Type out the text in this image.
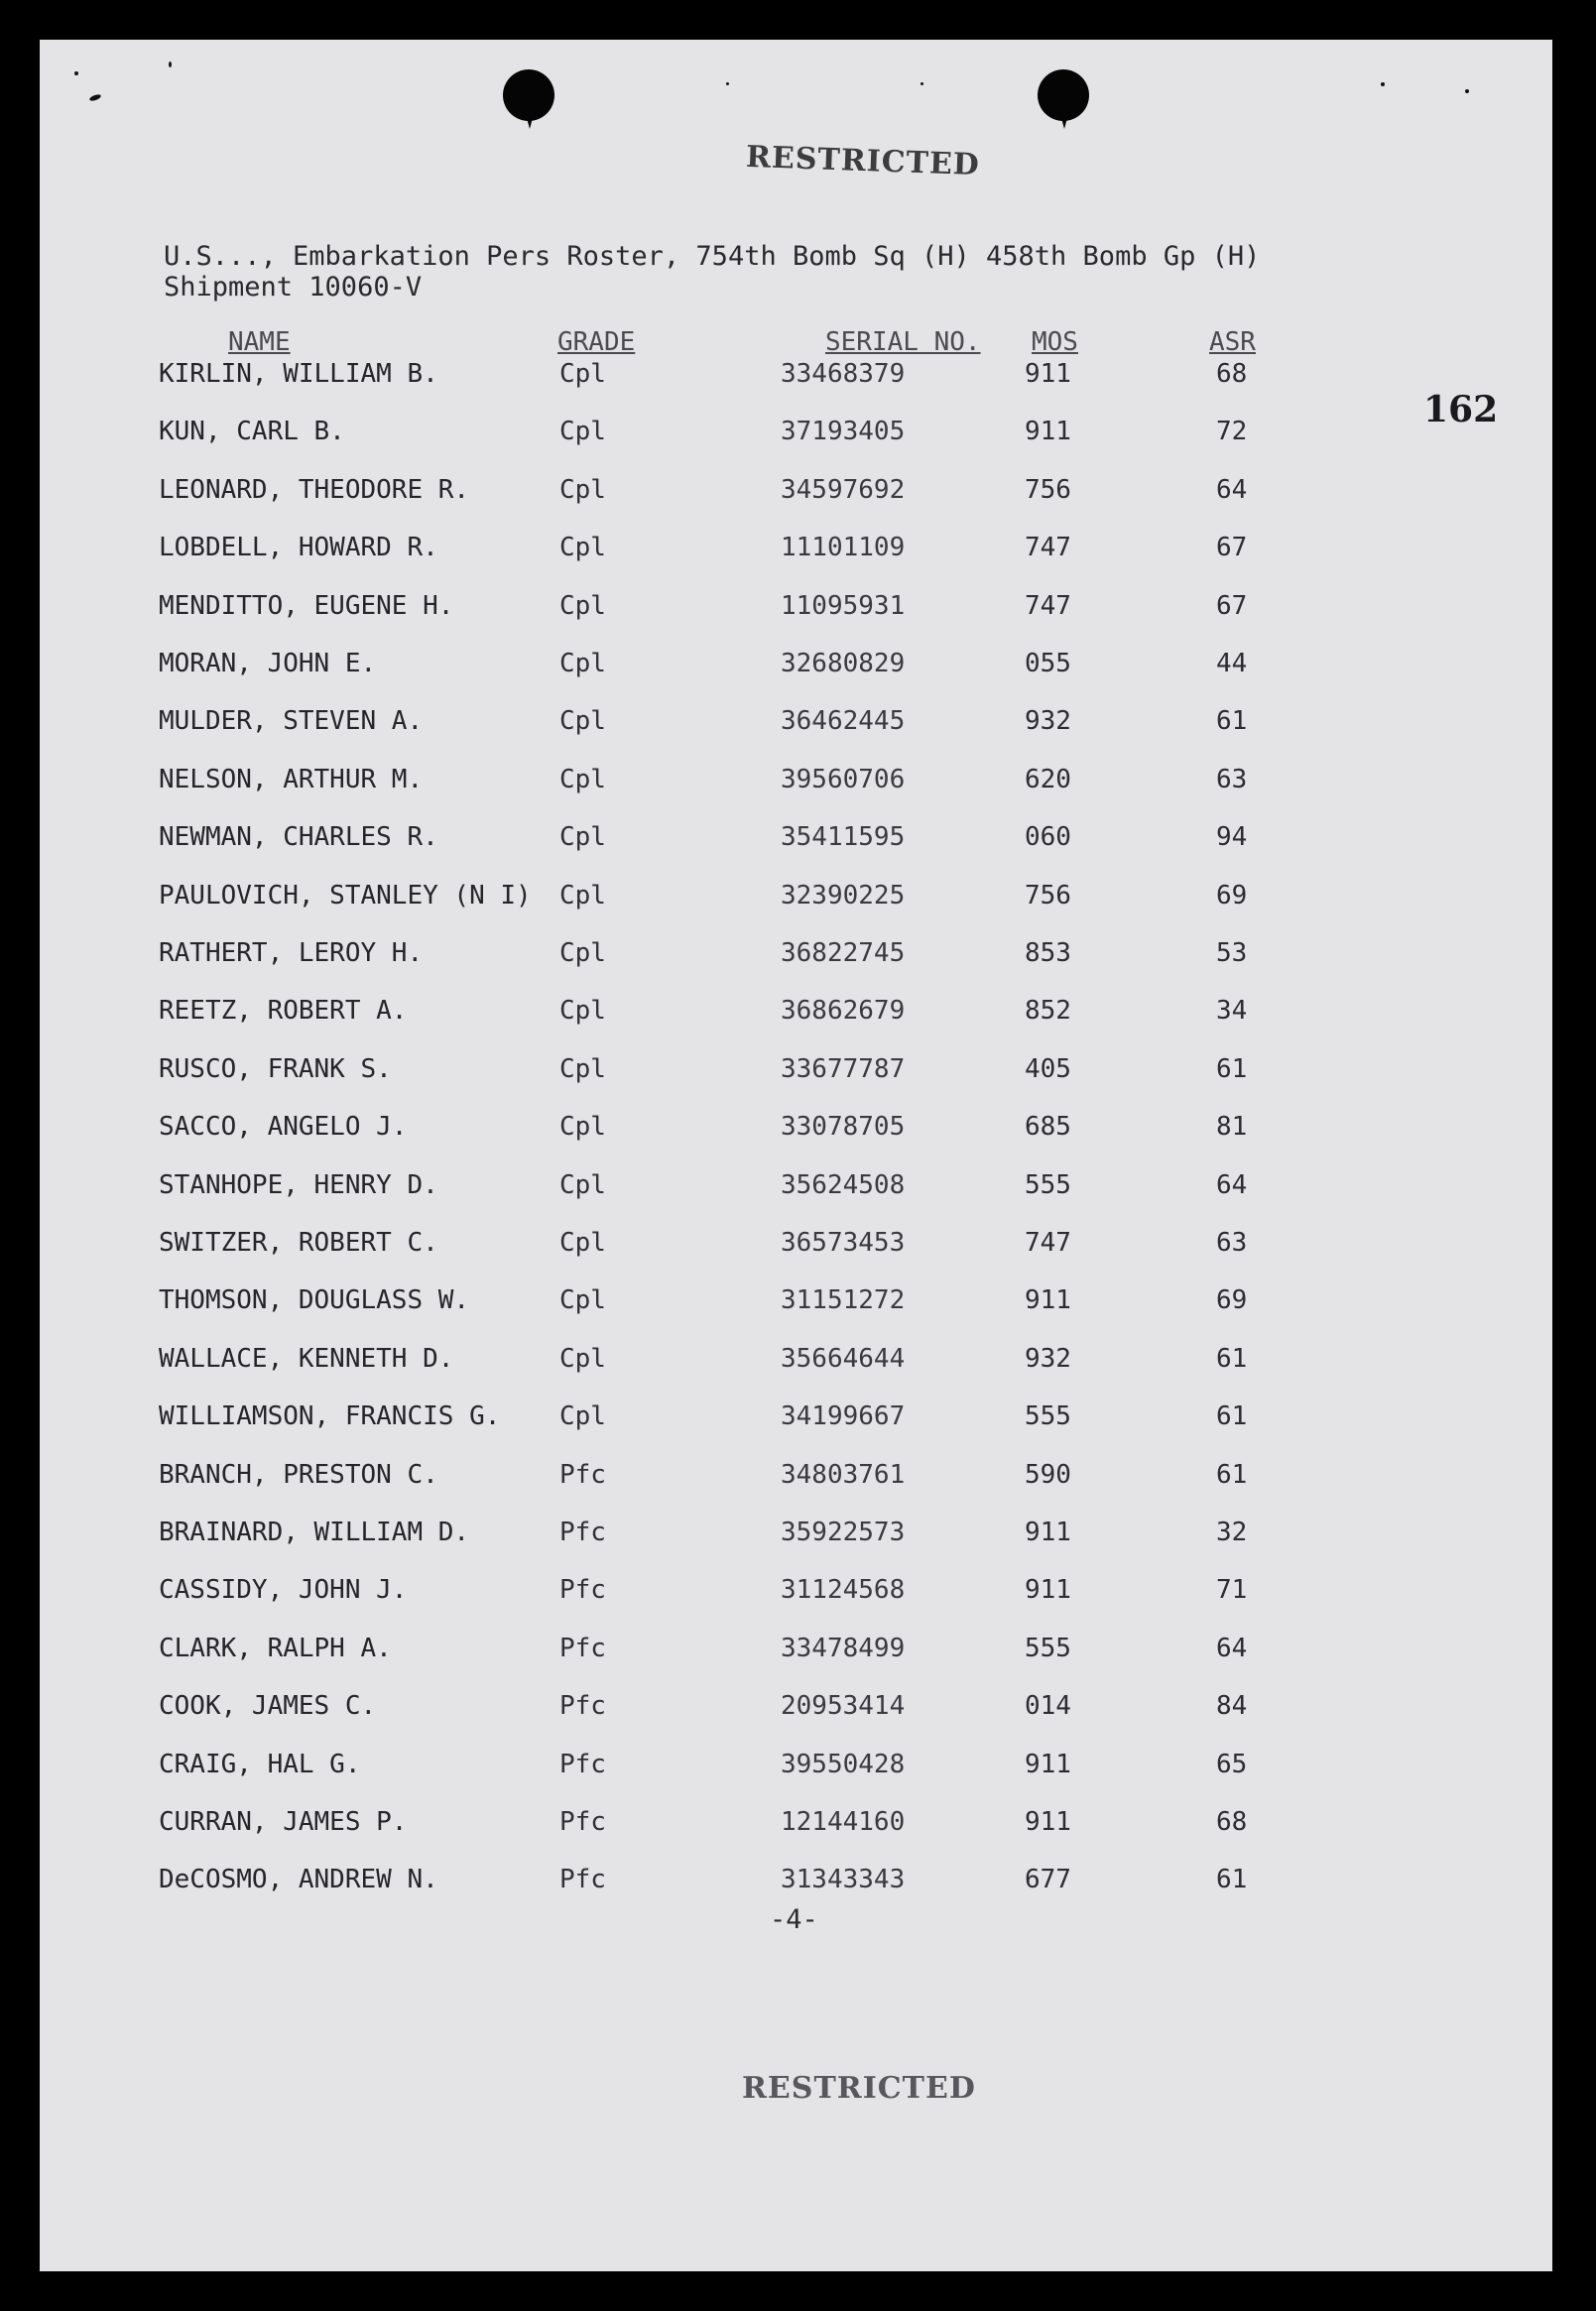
RESTRICTED
U.S..., Embarkation Pers Roster, 754th Bomb Sq (H) 458th Bomb Gp (H)
Shipment 10060-V
162
NAME	GRADE	SERIAL NO. MOS	ASR
KIRLIN, WILLIAM B.	Cpl	33468379	911	68
KUN, CARL B.	Cpl	37193405	911	72
LEONARD, THEODORE R.	Cpl	34597692	756	64
LOBDELL, HOWARD R.	Cpl	11101109	747	67
MENDITTO, EUGENE H.	Cpl	11095931	747	67
MORAN, JOHN E.	Cpl	32680829	055	44
MULDER, STEVEN A.	Cpl	36462445	932	61
NELSON, ARTHUR M.	Cpl	39560706	620	63
NEWMAN, CHARLES R.	Cpl	35411595	060	94
PAULOVICH, STANLEY (N I) Cpl	32390225	756	69
RATHERT, LEROY H.	Cpl	36822745	853	53
REETZ, ROBERT A.	Cpl	36862679	852	34
RUSCO, FRANK S.	Cpl	33677787	405	61
SACCO, ANGELO J.	Cpl	33078705	685	81
STANHOPE, HENRY D.	Cpl	35624508	555	64
SWITZER, ROBERT C.	Cpl	36573453	747	63
THOMSON, DOUGLASS W.	Cpl	31151272	911	69
WALLACE, KENNETH D.	Cpl	35664644	932	61
WILLIAMSON, FRANCIS G. Cpl	34199667	555	61
BRANCH, PRESTON C.	Pfc	34803761	590	61
BRAINARD, WILLIAM D.	Pfc	35922573	911	32
CASSIDY, JOHN J.	Pfc	31124568	911	71
CLARK, RALPH A.	Pfc	33478499	555	64
COOK, JAMES C.	Pfc	20953414	014	84
CRAIG, HAL G.	Pfc	39550428	911	65
CURRAN, JAMES P.	Pfc	12144160	911	68
DeCOSMO, ANDREW N.	Pfc	31343343	677	61
-4-
RESTRICTED
